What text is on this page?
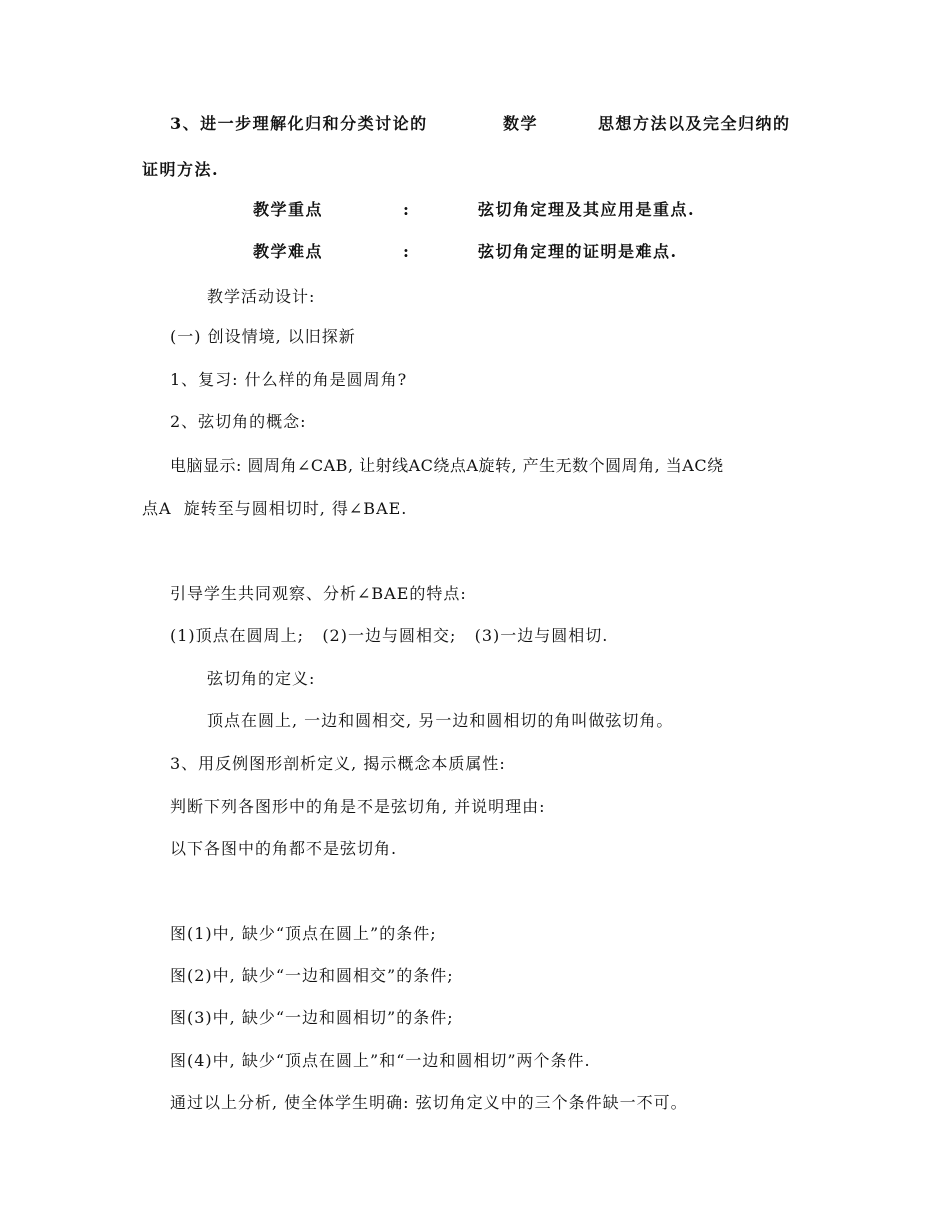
3、进一步理解化归和分类讨论的	数学	思想方法以及完全归纳的
证明方法.
教学重点	:	弦切角定理及其应用是重点.
教学难点	:	弦切角定理的证明是难点.
教学活动设计:
(一) 创设情境, 以旧探新
1、复习: 什么样的角是圆周角?
2、弦切角的概念:
电脑显示: 圆周角∠CAB, 让射线AC绕点A旋转, 产生无数个圆周角, 当AC绕
点A  旋转至与圆相切时, 得∠BAE.
引导学生共同观察、分析∠BAE的特点:
(1)顶点在圆周上;   (2)一边与圆相交;   (3)一边与圆相切.
弦切角的定义:
顶点在圆上, 一边和圆相交, 另一边和圆相切的角叫做弦切角。
3、用反例图形剖析定义, 揭示概念本质属性:
判断下列各图形中的角是不是弦切角, 并说明理由:
以下各图中的角都不是弦切角.
图(1)中, 缺少“顶点在圆上”的条件;
图(2)中, 缺少“一边和圆相交”的条件;
图(3)中, 缺少“一边和圆相切”的条件;
图(4)中, 缺少“顶点在圆上”和“一边和圆相切”两个条件.
通过以上分析, 使全体学生明确: 弦切角定义中的三个条件缺一不可。
